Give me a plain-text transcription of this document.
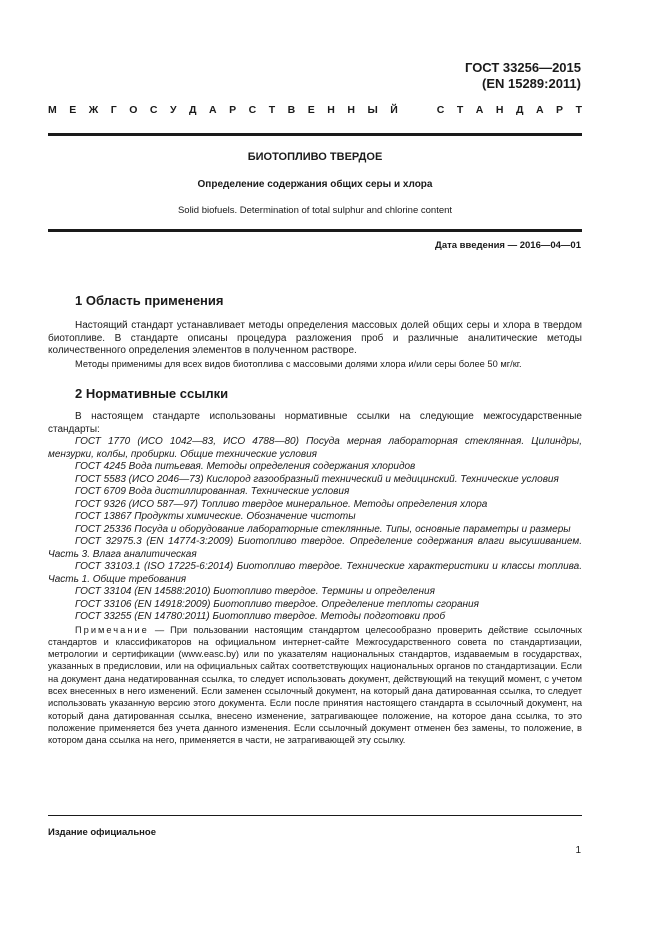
ГОСТ 33256—2015
(EN 15289:2011)
М Е Ж Г О С У Д А Р С Т В Е Н Н Ы Й	С Т А Н Д А Р Т
БИОТОПЛИВО ТВЕРДОЕ
Определение содержания общих серы и хлора
Solid biofuels. Determination of total sulphur and chlorine content
Дата введения — 2016—04—01
1 Область применения

Настоящий стандарт устанавливает методы определения массовых долей общих серы и хлора в твердом биотопливе. В стандарте описаны процедура разложения проб и различные аналитические методы количественного определения элементов в полученном растворе.

Методы применимы для всех видов биотоплива с массовыми долями хлора и/или серы более 50 мг/кг.

2 Нормативные ссылки

В настоящем стандарте использованы нормативные ссылки на следующие межгосударственные стандарты:

ГОСТ 1770 (ИСО 1042—83, ИСО 4788—80) Посуда мерная лабораторная стеклянная. Цилиндры, мензурки, колбы, пробирки. Общие технические условия

ГОСТ 4245 Вода питьевая. Методы определения содержания хлоридов

ГОСТ 5583 (ИСО 2046—73) Кислород газообразный технический и медицинский. Технические условия

ГОСТ 6709 Вода дистиллированная. Технические условия

ГОСТ 9326 (ИСО 587—97) Топливо твердое минеральное. Методы определения хлора

ГОСТ 13867 Продукты химические. Обозначение чистоты

ГОСТ 25336 Посуда и оборудование лабораторные стеклянные. Типы, основные параметры и размеры

ГОСТ 32975.3 (EN 14774-3:2009) Биотопливо твердое. Определение содержания влаги высушиванием. Часть 3. Влага аналитическая

ГОСТ 33103.1 (ISO 17225-6:2014) Биотопливо твердое. Технические характеристики и классы топлива. Часть 1. Общие требования

ГОСТ 33104 (EN 14588:2010) Биотопливо твердое. Термины и определения

ГОСТ 33106 (EN 14918:2009) Биотопливо твердое. Определение теплоты сгорания

ГОСТ 33255 (EN 14780:2011) Биотопливо твердое. Методы подготовки проб

Примечание — При пользовании настоящим стандартом целесообразно проверить действие ссылочных стандартов и классификаторов на официальном интернет-сайте Межгосударственного совета по стандартизации, метрологии и сертификации (www.easc.by) или по указателям национальных стандартов, издаваемым в государствах, указанных в предисловии, или на официальных сайтах соответствующих национальных органов по стандартизации. Если на документ дана недатированная ссылка, то следует использовать документ, действующий на текущий момент, с учетом всех внесенных в него изменений. Если заменен ссылочный документ, на который дана датированная ссылка, то следует использовать указанную версию этого документа. Если после принятия настоящего стандарта в ссылочный документ, на который дана датированная ссылка, внесено изменение, затрагивающее положение, на которое дана ссылка, то это положение применяется без учета данного изменения. Если ссылочный документ отменен без замены, то положение, в котором дана ссылка на него, применяется в части, не затрагивающей эту ссылку.

Издание официальное
1
